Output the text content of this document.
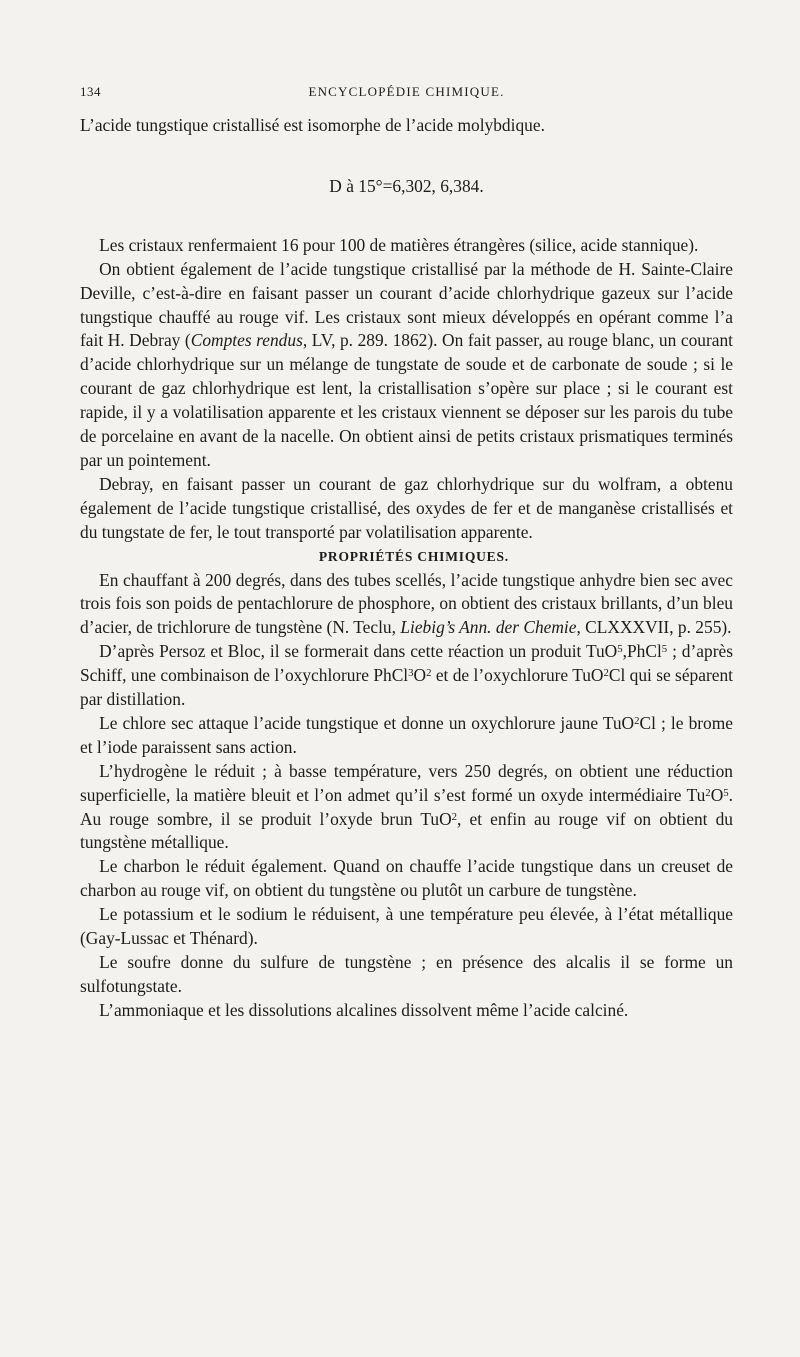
134	ENCYCLOPÉDIE CHIMIQUE.

L’acide tungstique cristallisé est isomorphe de l’acide molybdique.

D à 15°=6,302, 6,384.

Les cristaux renfermaient 16 pour 100 de matières étrangères (silice, acide stannique).

On obtient également de l’acide tungstique cristallisé par la méthode de H. Sainte-Claire Deville, c’est-à-dire en faisant passer un courant d’acide chlorhydrique gazeux sur l’acide tungstique chauffé au rouge vif. Les cristaux sont mieux développés en opérant comme l’a fait H. Debray (Comptes rendus, LV, p. 289. 1862). On fait passer, au rouge blanc, un courant d’acide chlorhydrique sur un mélange de tungstate de soude et de carbonate de soude ; si le courant de gaz chlorhydrique est lent, la cristallisation s’opère sur place ; si le courant est rapide, il y a volatilisation apparente et les cristaux viennent se déposer sur les parois du tube de porcelaine en avant de la nacelle. On obtient ainsi de petits cristaux prismatiques terminés par un pointement.

Debray, en faisant passer un courant de gaz chlorhydrique sur du wolfram, a obtenu également de l’acide tungstique cristallisé, des oxydes de fer et de manganèse cristallisés et du tungstate de fer, le tout transporté par volatilisation apparente.

PROPRIÉTÉS CHIMIQUES.

En chauffant à 200 degrés, dans des tubes scellés, l’acide tungstique anhydre bien sec avec trois fois son poids de pentachlorure de phosphore, on obtient des cristaux brillants, d’un bleu d’acier, de trichlorure de tungstène (N. Teclu, Liebig’s Ann. der Chemie, CLXXXVII, p. 255).

D’après Persoz et Bloc, il se formerait dans cette réaction un produit TuO$^5$,PhCl$^5$ ; d’après Schiff, une combinaison de l’oxychlorure $PhCl^3O^2$ et de l’oxychlorure TuO$^2$Cl qui se séparent par distillation.

Le chlore sec attaque l’acide tungstique et donne un oxychlorure jaune TuO$^2$Cl ; le brome et l’iode paraissent sans action.

L’hydrogène le réduit ; à basse température, vers 250 degrés, on obtient une réduction superficielle, la matière bleuit et l’on admet qu’il s’est formé un oxyde intermédiaire $Tu^2O^5$. Au rouge sombre, il se produit l’oxyde brun TuO$^2$, et enfin au rouge vif on obtient du tungstène métallique.

Le charbon le réduit également. Quand on chauffe l’acide tungstique dans un creuset de charbon au rouge vif, on obtient du tungstène ou plutôt un carbure de tungstène.

Le potassium et le sodium le réduisent, à une température peu élevée, à l’état métallique (Gay-Lussac et Thénard).

Le soufre donne du sulfure de tungstène ; en présence des alcalis il se forme un sulfotungstate.

L’ammoniaque et les dissolutions alcalines dissolvent même l’acide calciné.
